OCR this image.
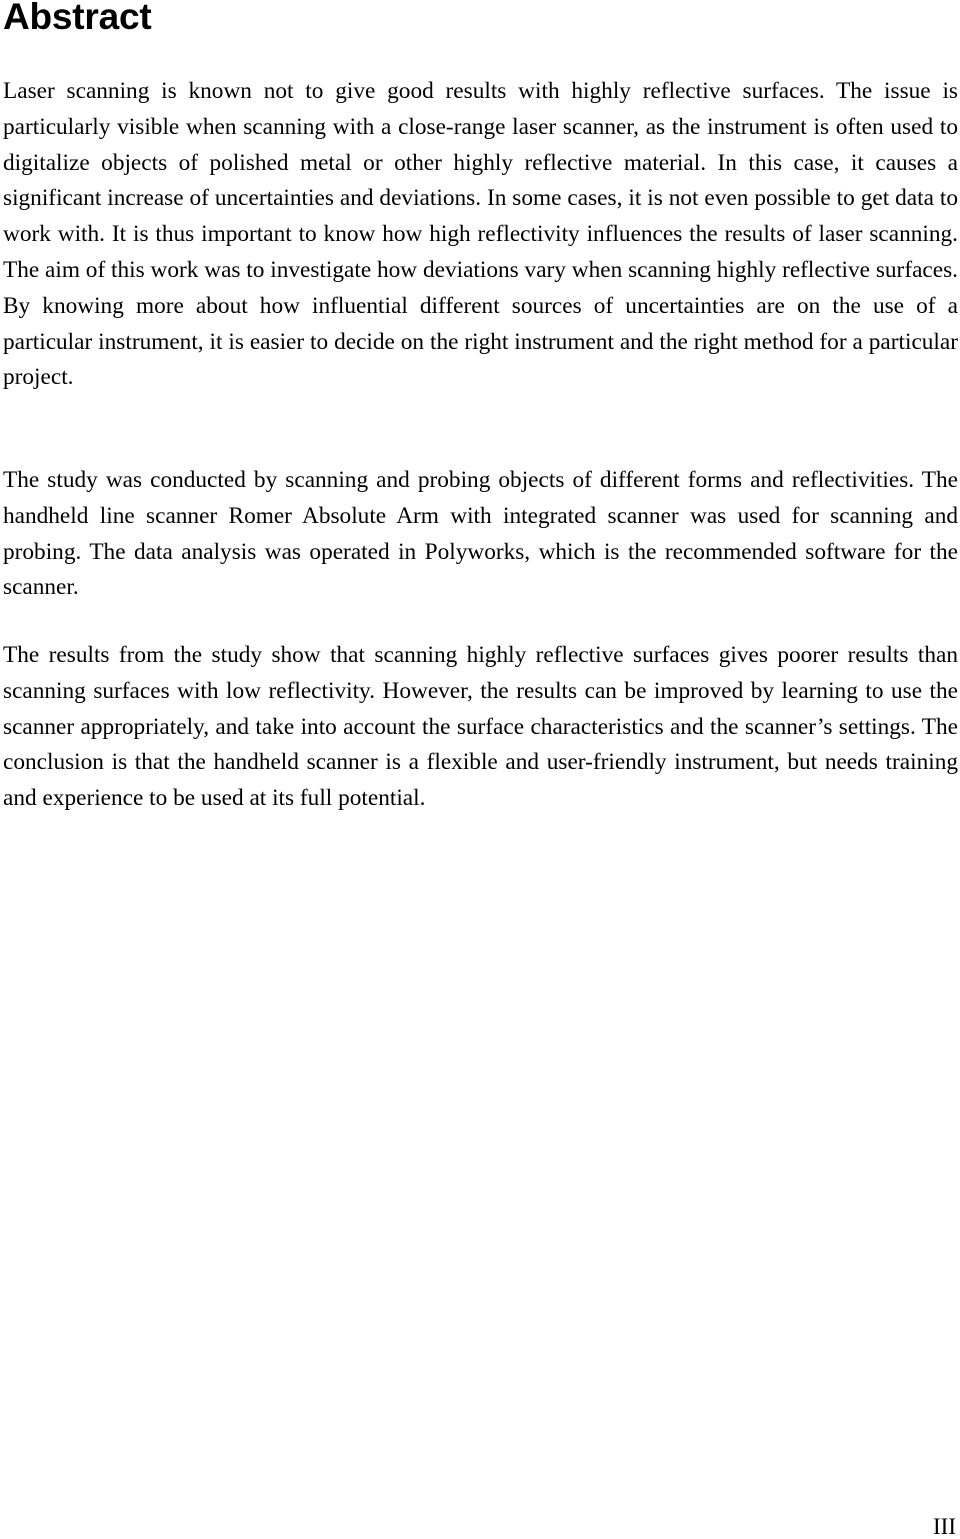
Abstract

Laser scanning is known not to give good results with highly reflective surfaces. The issue is particularly visible when scanning with a close-range laser scanner, as the instrument is often used to digitalize objects of polished metal or other highly reflective material. In this case, it causes a significant increase of uncertainties and deviations. In some cases, it is not even possible to get data to work with. It is thus important to know how high reflectivity influences the results of laser scanning. The aim of this work was to investigate how deviations vary when scanning highly reflective surfaces. By knowing more about how influential different sources of uncertainties are on the use of a particular instrument, it is easier to decide on the right instrument and the right method for a particular project.

The study was conducted by scanning and probing objects of different forms and reflectivities. The handheld line scanner Romer Absolute Arm with integrated scanner was used for scanning and probing. The data analysis was operated in Polyworks, which is the recommended software for the scanner.

The results from the study show that scanning highly reflective surfaces gives poorer results than scanning surfaces with low reflectivity. However, the results can be improved by learning to use the scanner appropriately, and take into account the surface characteristics and the scanner’s settings. The conclusion is that the handheld scanner is a flexible and user-friendly instrument, but needs training and experience to be used at its full potential.

III
